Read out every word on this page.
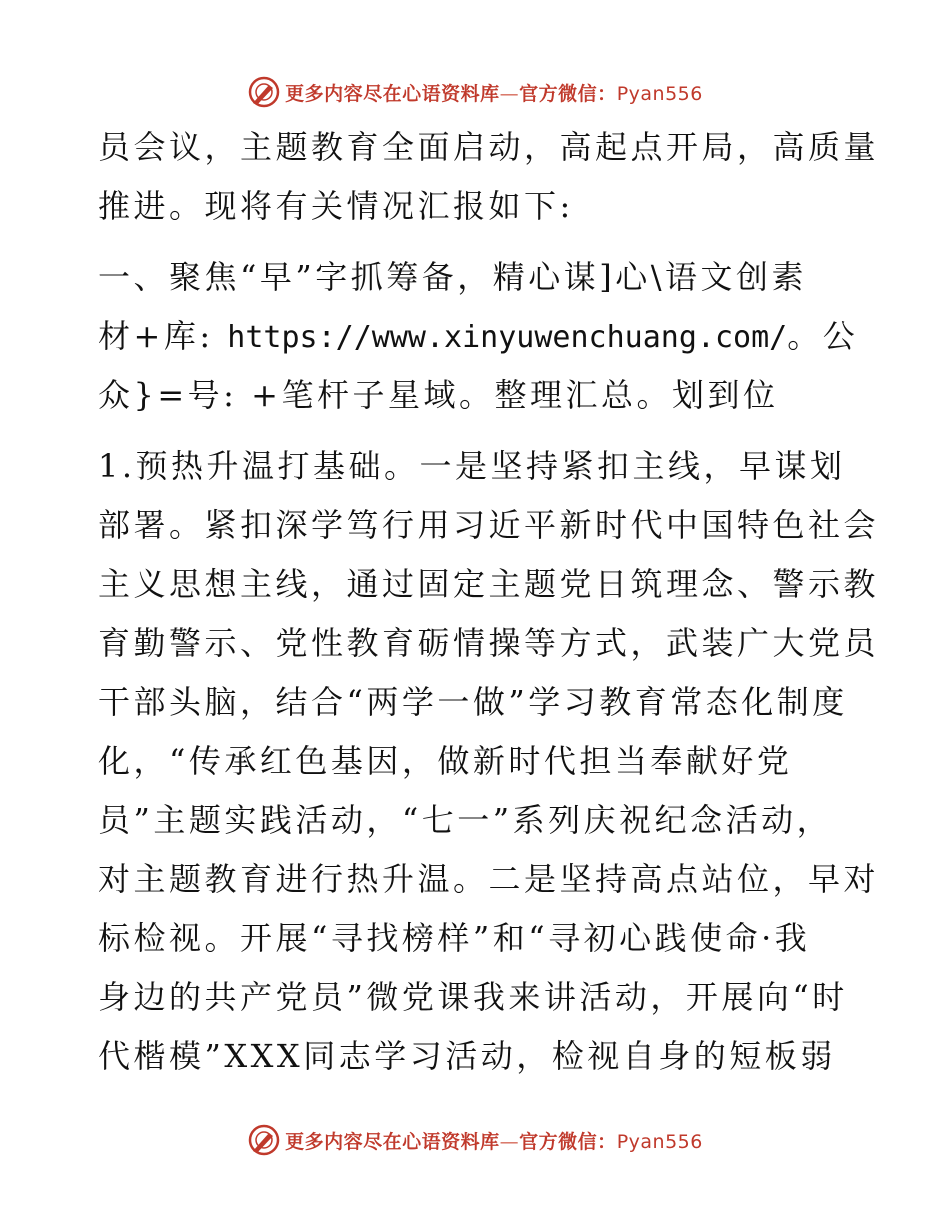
更多内容尽在心语资料库—官方微信：Pyan556
员会议，主题教育全面启动，高起点开局，高质量
推进。现将有关情况汇报如下:
一、聚焦“早”字抓筹备，精心谋]心\语文创素
材+库: https://www.xinyuwenchuang.com/。公
众}=号: +笔杆子星域。整理汇总。划到位
1.预热升温打基础。一是坚持紧扣主线，早谋划
部署。紧扣深学笃行用习近平新时代中国特色社会
主义思想主线，通过固定主题党日筑理念、警示教
育勤警示、党性教育砺情操等方式，武装广大党员
干部头脑，结合“两学一做”学习教育常态化制度
化，“传承红色基因，做新时代担当奉献好党
员”主题实践活动，“七一”系列庆祝纪念活动，
对主题教育进行热升温。二是坚持高点站位，早对
标检视。开展“寻找榜样”和“寻初心践使命·我
身边的共产党员”微党课我来讲活动，开展向“时
代楷模”XXX同志学习活动，检视自身的短板弱
更多内容尽在心语资料库—官方微信：Pyan556
